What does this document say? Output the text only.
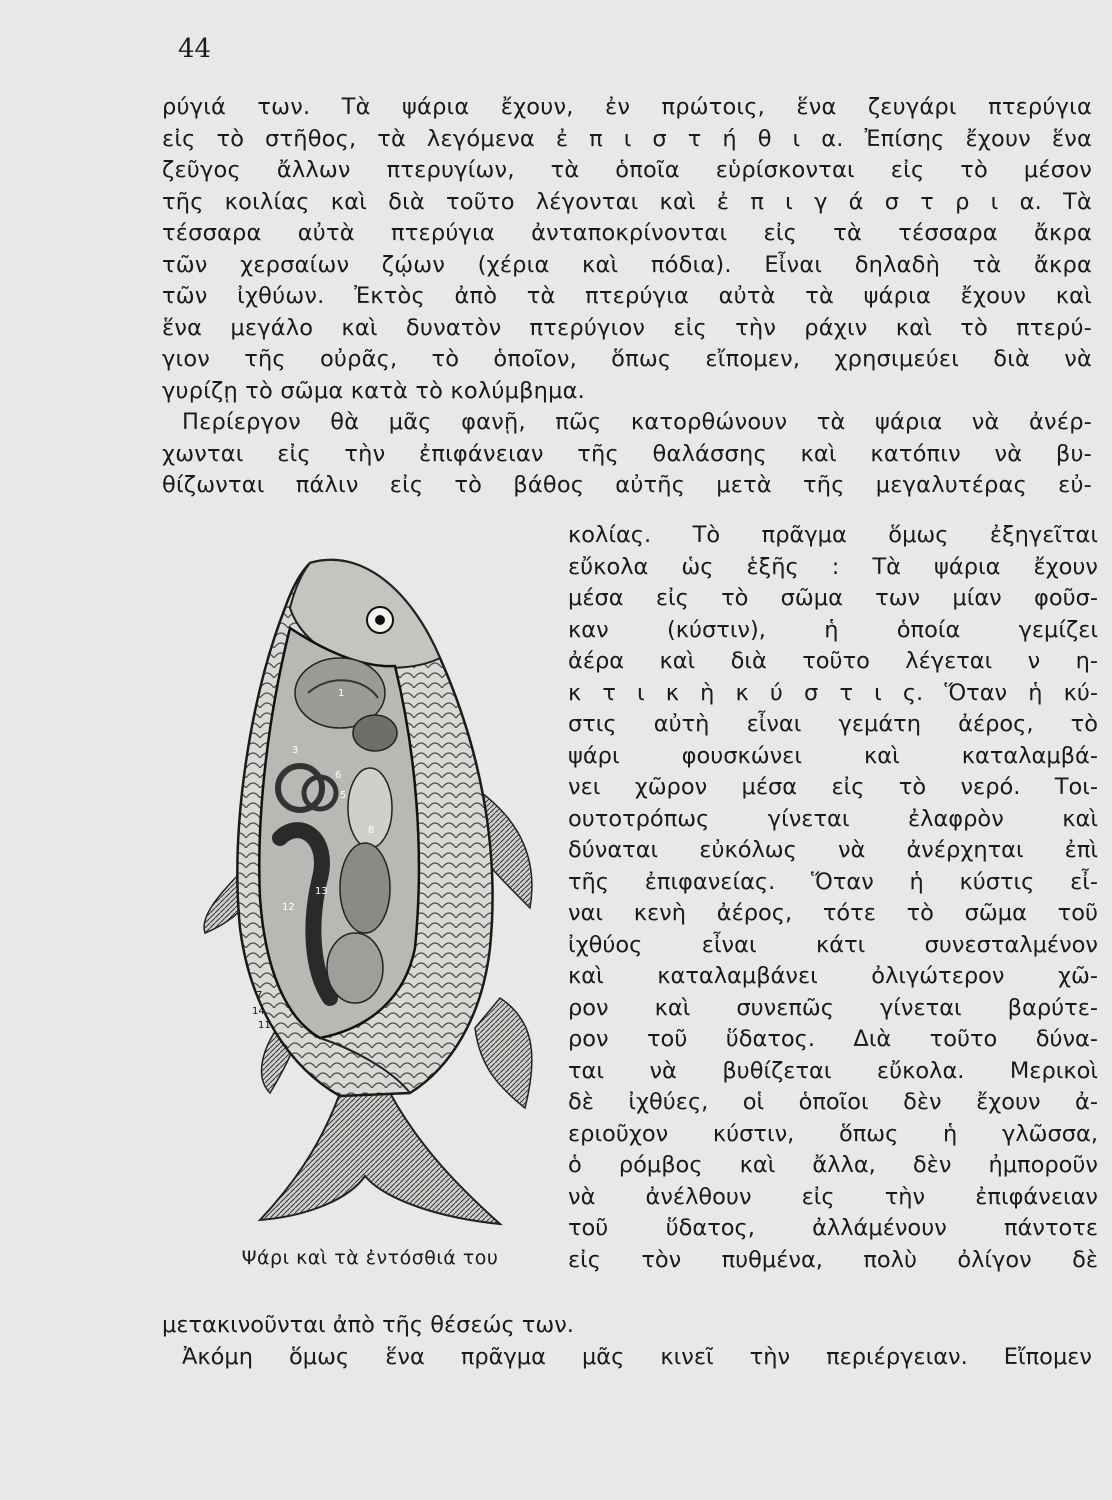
44
ρύγιά των. Τὰ ψάρια ἔχουν, ἐν πρώτοις, ἕνα ζευγάρι πτερύγια
εἰς τὸ στῆθος, τὰ λεγόμενα ἐ π ι σ τ ή θ ι α. Ἐπίσης ἔχουν ἕνα
ζεῦγος ἄλλων πτερυγίων, τὰ ὁποῖα εὑρίσκονται εἰς τὸ μέσον
τῆς κοιλίας καὶ διὰ τοῦτο λέγονται καὶ ἐ π ι γ ά σ τ ρ ι α. Τὰ
τέσσαρα αὐτὰ πτερύγια ἀνταποκρίνονται εἰς τὰ τέσσαρα ἄκρα
τῶν χερσαίων ζῴων (χέρια καὶ πόδια). Εἶναι δηλαδὴ τὰ ἄκρα
τῶν ἰχθύων. Ἐκτὸς ἀπὸ τὰ πτερύγια αὐτὰ τὰ ψάρια ἔχουν καὶ
ἕνα μεγάλο καὶ δυνατὸν πτερύγιον εἰς τὴν ράχιν καὶ τὸ πτερύ-
γιον τῆς οὐρᾶς, τὸ ὁποῖον, ὅπως εἴπομεν, χρησιμεύει διὰ νὰ
γυρίζῃ τὸ σῶμα κατὰ τὸ κολύμβημα.
Περίεργον θὰ μᾶς φανῇ, πῶς κατορθώνουν τὰ ψάρια νὰ ἀνέρ-
χωνται εἰς τὴν ἐπιφάνειαν τῆς θαλάσσης καὶ κατόπιν νὰ βυ-
θίζωνται πάλιν εἰς τὸ βάθος αὐτῆς μετὰ τῆς μεγαλυτέρας εὐ-
κολίας. Τὸ πρᾶγμα ὅμως ἐξηγεῖται
εὔκολα ὡς ἑξῆς : Τὰ ψάρια ἔχουν
μέσα εἰς τὸ σῶμα των μίαν φοῦσ-
καν (κύστιν), ἡ ὁποία γεμίζει
ἀέρα καὶ διὰ τοῦτο λέγεται ν η-
κ τ ι κ ὴ κ ύ σ τ ι ς. Ὅταν ἡ κύ-
στις αὐτὴ εἶναι γεμάτη ἀέρος, τὸ
ψάρι φουσκώνει καὶ καταλαμβά-
νει χῶρον μέσα εἰς τὸ νερό. Τοι-
ουτοτρόπως γίνεται ἐλαφρὸν καὶ
δύναται εὐκόλως νὰ ἀνέρχηται ἐπὶ
τῆς ἐπιφανείας. Ὅταν ἡ κύστις εἶ-
ναι κενὴ ἀέρος, τότε τὸ σῶμα τοῦ
ἰχθύος εἶναι κάτι συνεσταλμένον
καὶ καταλαμβάνει ὀλιγώτερον χῶ-
ρον καὶ συνεπῶς γίνεται βαρύτε-
ρον τοῦ ὕδατος. Διὰ τοῦτο δύνα-
ται νὰ βυθίζεται εὔκολα. Μερικοὶ
δὲ ἰχθύες, οἱ ὁποῖοι δὲν ἔχουν ἀ-
εριοῦχον κύστιν, ὅπως ἡ γλῶσσα,
ὁ ρόμβος καὶ ἄλλα, δὲν ἠμποροῦν
νὰ ἀνέλθουν εἰς τὴν ἐπιφάνειαν
τοῦ ὕδατος, ἀλλάμένουν πάντοτε
εἰς τὸν πυθμένα, πολὺ ὀλίγον δὲ
1
3
5
6
7
8
12
13
14
11
Ψάρι καὶ τὰ ἐντόσθιά του
μετακινοῦνται ἀπὸ τῆς θέσεώς των.
Ἀκόμη ὅμως ἕνα πρᾶγμα μᾶς κινεῖ τὴν περιέργειαν. Εἴπομεν
